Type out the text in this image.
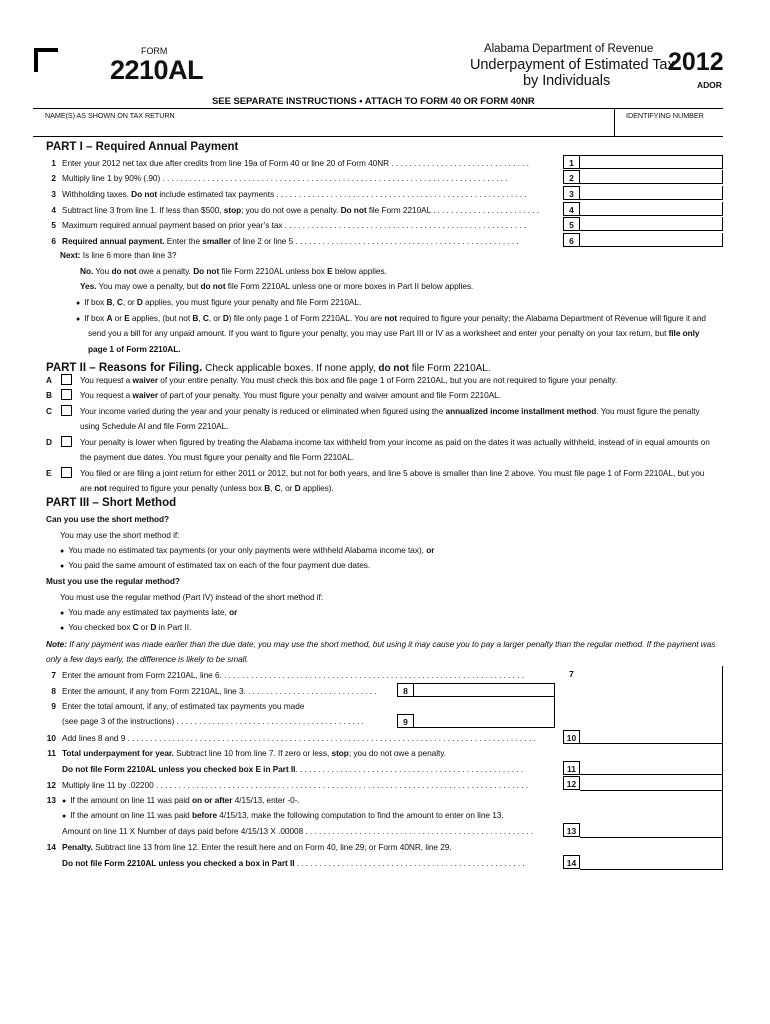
FORM
2210AL
Alabama Department of Revenue
Underpayment of Estimated Tax
by Individuals
2012
ADOR
SEE SEPARATE INSTRUCTIONS • ATTACH TO FORM 40 OR FORM 40NR
NAME(S) AS SHOWN ON TAX RETURN	IDENTIFYING NUMBER
PART I – Required Annual Payment
1 Enter your 2012 net tax due after credits from line 19a of Form 40 or line 20 of Form 40NR . . . . . . . . . . . . . . . . . . . . . . . . . . . . . . .	1
2 Multiply line 1 by 90% (.90) . . . . . . . . . . . . . . . . . . . . . . . . . . . . . . . . . . . . . . . . . . . . . . . . . . . . . . . . . . . . . . . . . . . . . . . . . . . . .	2
3 Withholding taxes. Do not include estimated tax payments . . . . . . . . . . . . . . . . . . . . . . . . . . . . . . . . . . . . . . . . . . . . . . . . . . . . . . . .	3
4 Subtract line 3 from line 1. If less than $500, stop; you do not owe a penalty. Do not file Form 2210AL . . . . . . . . . . . . . . . . . . . . . . . .	4
5 Maximum required annual payment based on prior year’s tax . . . . . . . . . . . . . . . . . . . . . . . . . . . . . . . . . . . . . . . . . . . . . . . . . . . . . .	5
6 Required annual payment. Enter the smaller of line 2 or line 5 . . . . . . . . . . . . . . . . . . . . . . . . . . . . . . . . . . . . . . . . . . . . . . . . . .	6
Next: Is line 6 more than line 3?
No. You do not owe a penalty. Do not file Form 2210AL unless box E below applies.
Yes. You may owe a penalty, but do not file Form 2210AL unless one or more boxes in Part II below applies.
● If box B, C, or D applies, you must figure your penalty and file Form 2210AL.
● If box A or E applies, (but not B, C, or D) file only page 1 of Form 2210AL. You are not required to figure your penalty; the Alabama Department of Revenue will figure it and
send you a bill for any unpaid amount. If you want to figure your penalty, you may use Part III or IV as a worksheet and enter your penalty on your tax return, but file only
page 1 of Form 2210AL.
PART II – Reasons for Filing. Check applicable boxes. If none apply, do not file Form 2210AL.
A	You request a waiver of your entire penalty. You must check this box and file page 1 of Form 2210AL, but you are not required to figure your penalty.
B	You request a waiver of part of your penalty. You must figure your penalty and waiver amount and file Form 2210AL.
C	Your income varied during the year and your penalty is reduced or eliminated when figured using the annualized income installment method. You must figure the penalty
using Schedule AI and file Form 2210AL.
D	Your penalty is lower when figured by treating the Alabama income tax withheld from your income as paid on the dates it was actually withheld, instead of in equal amounts on
the payment due dates. You must figure your penalty and file Form 2210AL.
E	You filed or are filing a joint return for either 2011 or 2012, but not for both years, and line 5 above is smaller than line 2 above. You must file page 1 of Form 2210AL, but you
are not required to figure your penalty (unless box B, C, or D applies).
PART III – Short Method
Can you use the short method?
You may use the short method if:
● You made no estimated tax payments (or your only payments were withheld Alabama income tax), or
● You paid the same amount of estimated tax on each of the four payment due dates.
Must you use the regular method?
You must use the regular method (Part IV) instead of the short method if:
● You made any estimated tax payments late, or
● You checked box C or D in Part II.
Note: If any payment was made earlier than the due date, you may use the short method, but using it may cause you to pay a larger penalty than the regular method. If the payment was
only a few days early, the difference is likely to be small.
7 Enter the amount from Form 2210AL, line 6. . . . . . . . . . . . . . . . . . . . . . . . . . . . . . . . . . . . . . . . . . . . . . . . . . . . . . . . . . . . . . . . . . . .	7
8 Enter the amount, if any from Form 2210AL, line 3. . . . . . . . . . . . . . . . . . . . . . . . . . . . . .	8
9 Enter the total amount, if any, of estimated tax payments you made
(see page 3 of the instructions) . . . . . . . . . . . . . . . . . . . . . . . . . . . . . . . . . . . . . . . . . .	9
10 Add lines 8 and 9 . . . . . . . . . . . . . . . . . . . . . . . . . . . . . . . . . . . . . . . . . . . . . . . . . . . . . . . . . . . . . . . . . . . . . . . . . . . . . . . . . . . . . . . . . . .	10
11 Total underpayment for year. Subtract line 10 from line 7. If zero or less, stop; you do not owe a penalty.
Do not file Form 2210AL unless you checked box E in Part II. . . . . . . . . . . . . . . . . . . . . . . . . . . . . . . . . . . . . . . . . . . . . . . . . . .	11
12 Multiply line 11 by .02200 . . . . . . . . . . . . . . . . . . . . . . . . . . . . . . . . . . . . . . . . . . . . . . . . . . . . . . . . . . . . . . . . . . . . . . . . . . . . . . . . . . .	12
13	● If the amount on line 11 was paid on or after 4/15/13, enter -0-.
● If the amount on line 11 was paid before 4/15/13, make the following computation to find the amount to enter on line 13.
Amount on line 11 X Number of days paid before 4/15/13 X .00008 . . . . . . . . . . . . . . . . . . . . . . . . . . . . . . . . . . . . . . . . . . . . . . . . . . .	13
14 Penalty. Subtract line 13 from line 12. Enter the result here and on Form 40, line 29; or Form 40NR, line 29.
Do not file Form 2210AL unless you checked a box in Part II . . . . . . . . . . . . . . . . . . . . . . . . . . . . . . . . . . . . . . . . . . . . . . . . . . .	14
